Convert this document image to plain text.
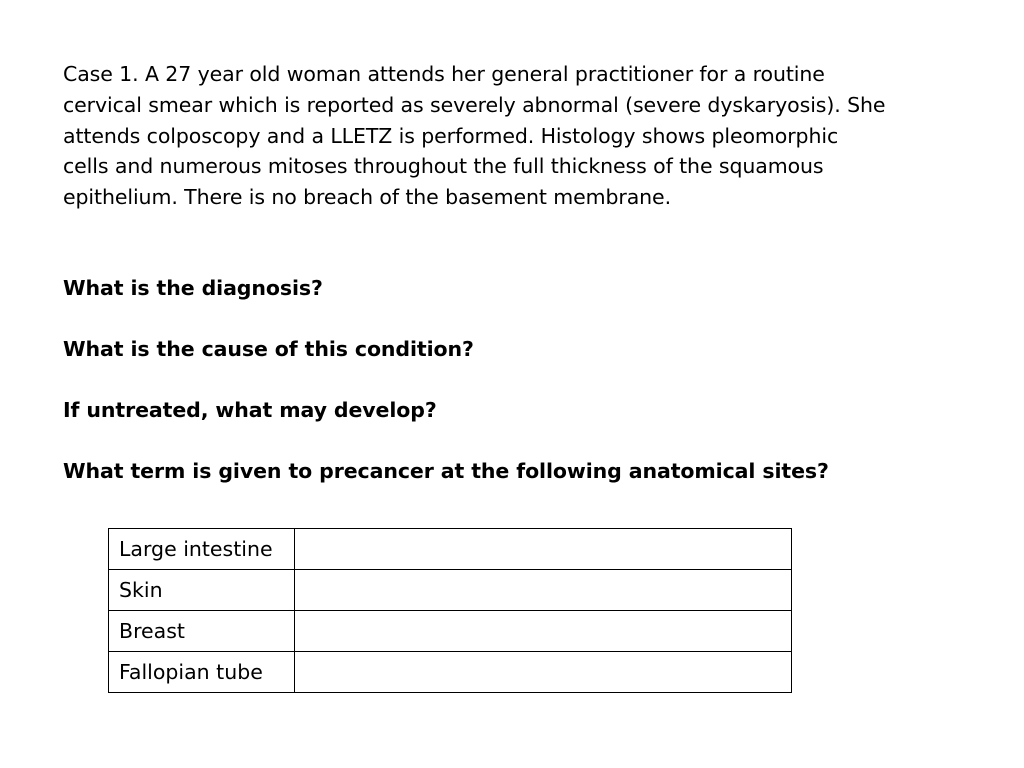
Case 1. A 27 year old woman attends her general practitioner for a routine
cervical smear which is reported as severely abnormal (severe dyskaryosis). She
attends colposcopy and a LLETZ is performed. Histology shows pleomorphic
cells and numerous mitoses throughout the full thickness of the squamous
epithelium. There is no breach of the basement membrane.
What is the diagnosis?
What is the cause of this condition?
If untreated, what may develop?
What term is given to precancer at the following anatomical sites?
Large intestine	
Skin	
Breast	
Fallopian tube	
